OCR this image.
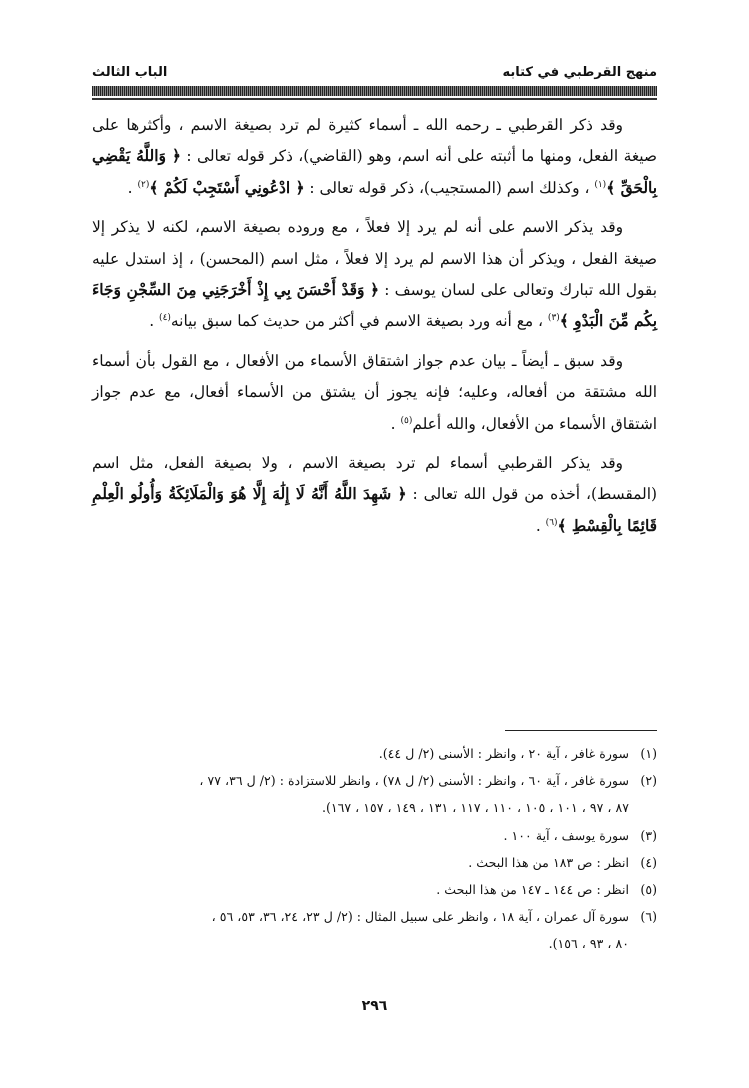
منهج القرطبي في كتابه
الباب الثالث

وقد ذكر القرطبي ـ رحمه الله ـ أسماء كثيرة لم ترد بصيغة الاسم ، وأكثرها على صيغة الفعل، ومنها ما أثبته على أنه اسم، وهو (القاضي)، ذكر قوله تعالى : ﴿ وَاللَّهُ يَقْضِي بِالْحَقِّ ﴾$^{(١)}$ ، وكذلك اسم (المستجيب)، ذكر قوله تعالى : ﴿ ادْعُونِي أَسْتَجِبْ لَكُمْ ﴾$^{(٢)}$ .

وقد يذكر الاسم على أنه لم يرد إلا فعلاً ، مع وروده بصيغة الاسم، لكنه لا يذكر إلا صيغة الفعل ، ويذكر أن هذا الاسم لم يرد إلا فعلاً ، مثل اسم (المحسن) ، إذ استدل عليه بقول الله تبارك وتعالى على لسان يوسف : ﴿ وَقَدْ أَحْسَنَ بِي إِذْ أَخْرَجَنِي مِنَ السِّجْنِ وَجَاءَ بِكُم مِّنَ الْبَدْوِ ﴾$^{(٣)}$ ، مع أنه ورد بصيغة الاسم في أكثر من حديث كما سبق بيانه$^{(٤)}$ .

وقد سبق ـ أيضاً ـ بيان عدم جواز اشتقاق الأسماء من الأفعال ، مع القول بأن أسماء الله مشتقة من أفعاله، وعليه؛ فإنه يجوز أن يشتق من الأسماء أفعال، مع عدم جواز اشتقاق الأسماء من الأفعال، والله أعلم$^{(٥)}$ .

وقد يذكر القرطبي أسماء لم ترد بصيغة الاسم ، ولا بصيغة الفعل، مثل اسم (المقسط)، أخذه من قول الله تعالى : ﴿ شَهِدَ اللَّهُ أَنَّهُ لَا إِلَٰهَ إِلَّا هُوَ وَالْمَلَائِكَةُ وَأُولُو الْعِلْمِ قَائِمًا بِالْقِسْطِ ﴾$^{(٦)}$ .

(١)سورة غافر ، آية ٢٠ ، وانظر : الأسنى (٢/ ل ٤٤).
(٢)سورة غافر ، آية ٦٠ ، وانظر : الأسنى (٢/ ل ٧٨) ، وانظر للاستزادة : (٢/ ل ٣٦، ٧٧ ،
٨٧ ، ٩٧ ، ١٠١ ، ١٠٥ ، ١١٠ ، ١١٧ ، ١٣١ ، ١٤٩ ، ١٥٧ ، ١٦٧).
(٣)سورة يوسف ، آية ١٠٠ .
(٤)انظر : ص ١٨٣ من هذا البحث .
(٥)انظر : ص ١٤٤ ـ ١٤٧ من هذا البحث .
(٦)سورة آل عمران ، آية ١٨ ، وانظر على سبيل المثال : (٢/ ل ٢٣، ٢٤، ٣٦، ٥٣، ٥٦ ،
٨٠ ، ٩٣ ، ١٥٦).
٢٩٦
